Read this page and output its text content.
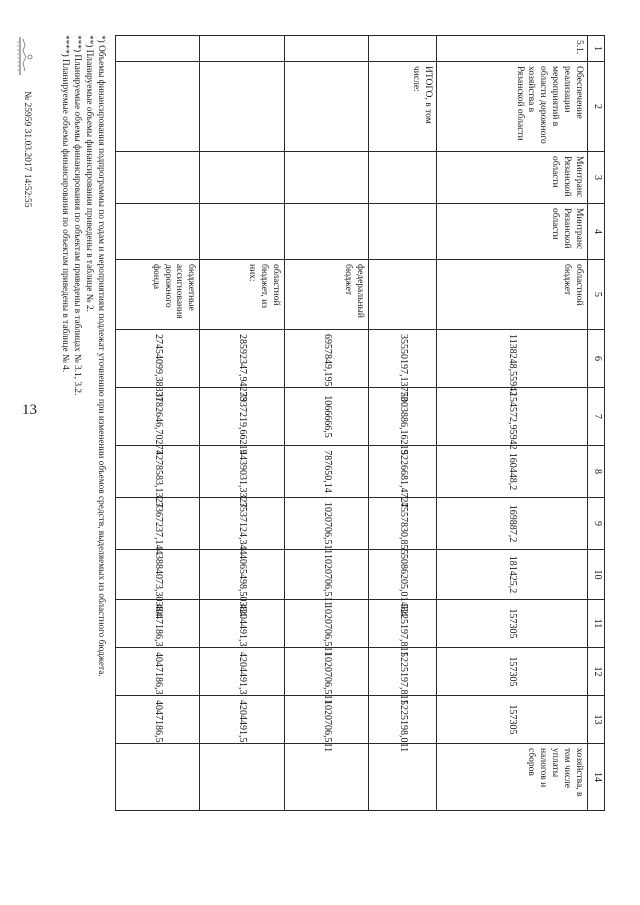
13
1	2	3	4	5	6	7	8	9	10	11	12	13	14
5.1.	Обеспечение реализации мероприятий в области дорожного хозяйства в Рязанской области	Минтранс Рязанской области	Минтранс Рязанской области	областной бюджет	1138248,55942	154572,95942	160448,2	169887,2	181425,2	157305	157305	157305	хозяйства, в том числе уплаты налогов и сборов
	ИТОГО, в том числе:				35550197,13773	5003886,16219	5226681,4727	4557830,855	5086205,01484	5225197,811	5225197,811	5225198,011	
				федеральный бюджет	6957849,195	1066666,5	787650,14	1020706,511	1020706,511	1020706,511	1020706,511	1020706,511	
				областной бюджет, из них:	28592347,94273	3937219,66219	4439031,3327	3537124,344	4065498,50384	4204491,3	4204491,3	4204491,5	
				бюджетные ассигнования дорожного фонда	27454099,38331	3782646,70277	4278583,1327	3367237,144	3884073,30384	4047186,3	4047186,3	4047186,5	
*) Объемы финансирования подпрограммы по годам и мероприятиям подлежат уточнению при изменении объемов средств, выделяемых из областного бюджета.
**) Планируемые объемы финансирования приведены в таблице № 2.
***) Планируемые объемы финансирования по объектам приведены в таблицах № 3.1, 3.2.
****) Планируемые объемы финансирования по объектам приведены в таблице № 4.
№ 25959 31.03.2017 14:52:55
